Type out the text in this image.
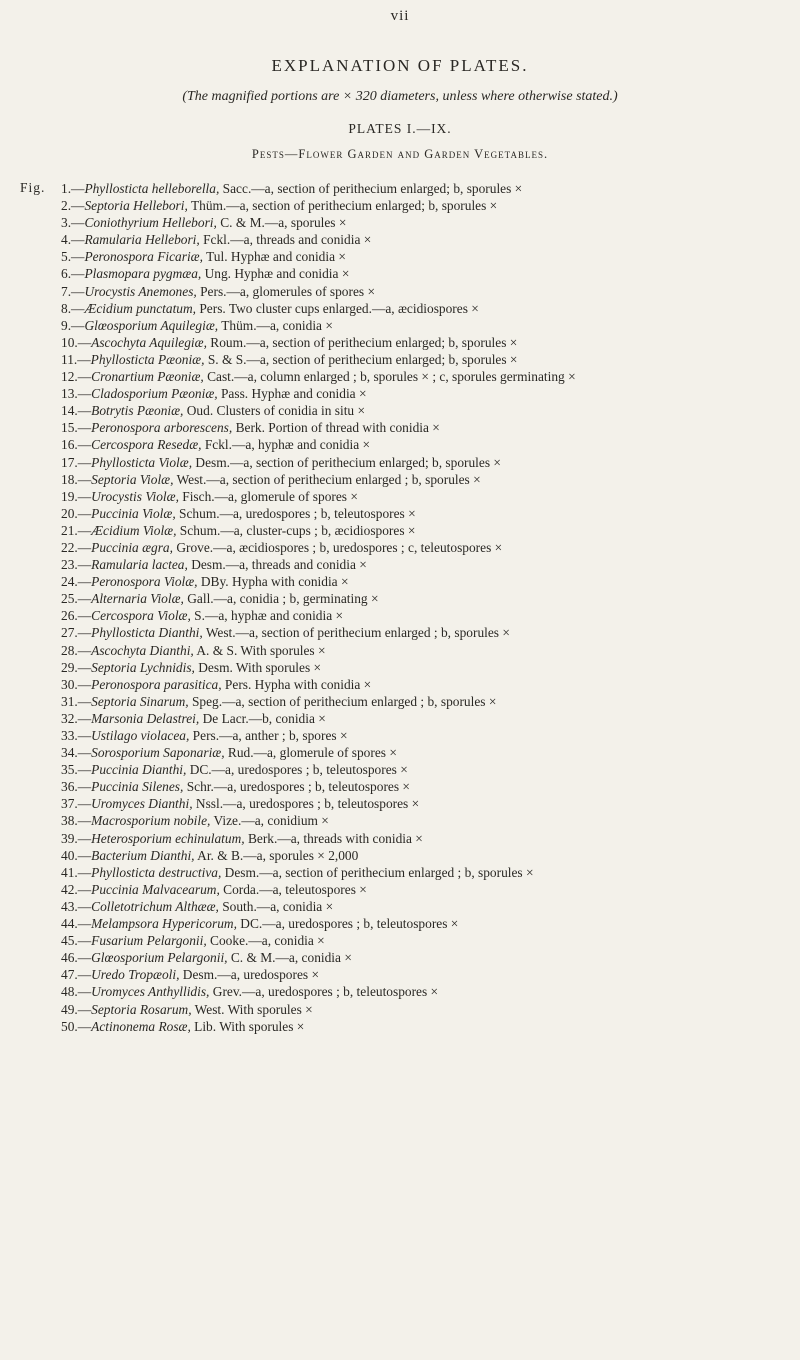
vii
EXPLANATION OF PLATES.
(The magnified portions are × 320 diameters, unless where otherwise stated.)
PLATES I.—IX.
Pests—Flower Garden and Garden Vegetables.
Fig. 1.—Phyllosticta helleborella, Sacc.—a, section of perithecium enlarged; b, sporules ×
2.—Septoria Hellebori, Thüm.—a, section of perithecium enlarged; b, sporules ×
3.—Coniothyrium Hellebori, C. & M.—a, sporules ×
4.—Ramularia Hellebori, Fckl.—a, threads and conidia ×
5.—Peronospora Ficariæ, Tul. Hyphæ and conidia ×
6.—Plasmopara pygmæa, Ung. Hyphæ and conidia ×
7.—Urocystis Anemones, Pers.—a, glomerules of spores ×
8.—Æcidium punctatum, Pers. Two cluster cups enlarged.—a, æcidiospores ×
9.—Glœosporium Aquilegiæ, Thüm.—a, conidia ×
10.—Ascochyta Aquilegiæ, Roum.—a, section of perithecium enlarged; b, sporules ×
11.—Phyllosticta Pæoniæ, S. & S.—a, section of perithecium enlarged; b, sporules ×
12.—Cronartium Pæoniæ, Cast.—a, column enlarged ; b, sporules × ; c, sporules germinating ×
13.—Cladosporium Pæoniæ, Pass. Hyphæ and conidia ×
14.—Botrytis Pæoniæ, Oud. Clusters of conidia in situ ×
15.—Peronospora arborescens, Berk. Portion of thread with conidia ×
16.—Cercospora Resedæ, Fckl.—a, hyphæ and conidia ×
17.—Phyllosticta Violæ, Desm.—a, section of perithecium enlarged; b, sporules ×
18.—Septoria Violæ, West.—a, section of perithecium enlarged ; b, sporules ×
19.—Urocystis Violæ, Fisch.—a, glomerule of spores ×
20.—Puccinia Violæ, Schum.—a, uredospores ; b, teleutospores ×
21.—Æcidium Violæ, Schum.—a, cluster-cups ; b, æcidiospores ×
22.—Puccinia ægra, Grove.—a, æcidiospores ; b, uredospores ; c, teleutospores ×
23.—Ramularia lactea, Desm.—a, threads and conidia ×
24.—Peronospora Violæ, DBy. Hypha with conidia ×
25.—Alternaria Violæ, Gall.—a, conidia ; b, germinating ×
26.—Cercospora Violæ, S.—a, hyphæ and conidia ×
27.—Phyllosticta Dianthi, West.—a, section of perithecium enlarged ; b, sporules ×
28.—Ascochyta Dianthi, A. & S. With sporules ×
29.—Septoria Lychnidis, Desm. With sporules ×
30.—Peronospora parasitica, Pers. Hypha with conidia ×
31.—Septoria Sinarum, Speg.—a, section of perithecium enlarged ; b, sporules ×
32.—Marsonia Delastrei, De Lacr.—b, conidia ×
33.—Ustilago violacea, Pers.—a, anther ; b, spores ×
34.—Sorosporium Saponariæ, Rud.—a, glomerule of spores ×
35.—Puccinia Dianthi, DC.—a, uredospores ; b, teleutospores ×
36.—Puccinia Silenes, Schr.—a, uredospores ; b, teleutospores ×
37.—Uromyces Dianthi, Nssl.—a, uredospores ; b, teleutospores ×
38.—Macrosporium nobile, Vize.—a, conidium ×
39.—Heterosporium echinulatum, Berk.—a, threads with conidia ×
40.—Bacterium Dianthi, Ar. & B.—a, sporules × 2,000
41.—Phyllosticta destructiva, Desm.—a, section of perithecium enlarged ; b, sporules ×
42.—Puccinia Malvacearum, Corda.—a, teleutospores ×
43.—Colletotrichum Althææ, South.—a, conidia ×
44.—Melampsora Hypericorum, DC.—a, uredospores ; b, teleutospores ×
45.—Fusarium Pelargonii, Cooke.—a, conidia ×
46.—Glœosporium Pelargonii, C. & M.—a, conidia ×
47.—Uredo Tropæoli, Desm.—a, uredospores ×
48.—Uromyces Anthyllidis, Grev.—a, uredospores ; b, teleutospores ×
49.—Septoria Rosarum, West. With sporules ×
50.—Actinonema Rosæ, Lib. With sporules ×
